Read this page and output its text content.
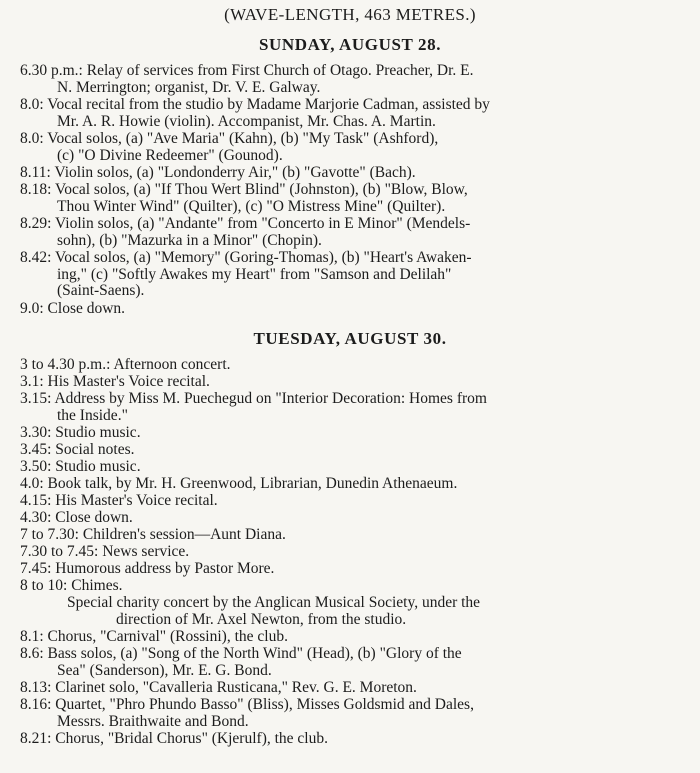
(WAVE-LENGTH, 463 METRES.)
SUNDAY, AUGUST 28.
6.30 p.m.: Relay of services from First Church of Otago. Preacher, Dr. E.
N. Merrington; organist, Dr. V. E. Galway.
8.0: Vocal recital from the studio by Madame Marjorie Cadman, assisted by
Mr. A. R. Howie (violin). Accompanist, Mr. Chas. A. Martin.
8.0: Vocal solos, (a) "Ave Maria" (Kahn), (b) "My Task" (Ashford),
(c) "O Divine Redeemer" (Gounod).
8.11: Violin solos, (a) "Londonderry Air," (b) "Gavotte" (Bach).
8.18: Vocal solos, (a) "If Thou Wert Blind" (Johnston), (b) "Blow, Blow,
Thou Winter Wind" (Quilter), (c) "O Mistress Mine" (Quilter).
8.29: Violin solos, (a) "Andante" from "Concerto in E Minor" (Mendels-
sohn), (b) "Mazurka in a Minor" (Chopin).
8.42: Vocal solos, (a) "Memory" (Goring-Thomas), (b) "Heart's Awaken-
ing," (c) "Softly Awakes my Heart" from "Samson and Delilah"
(Saint-Saens).
9.0: Close down.
TUESDAY, AUGUST 30.
3 to 4.30 p.m.: Afternoon concert.
3.1: His Master's Voice recital.
3.15: Address by Miss M. Puechegud on "Interior Decoration: Homes from
the Inside."
3.30: Studio music.
3.45: Social notes.
3.50: Studio music.
4.0: Book talk, by Mr. H. Greenwood, Librarian, Dunedin Athenaeum.
4.15: His Master's Voice recital.
4.30: Close down.
7 to 7.30: Children's session—Aunt Diana.
7.30 to 7.45: News service.
7.45: Humorous address by Pastor More.
8 to 10: Chimes.
Special charity concert by the Anglican Musical Society, under the
direction of Mr. Axel Newton, from the studio.
8.1: Chorus, "Carnival" (Rossini), the club.
8.6: Bass solos, (a) "Song of the North Wind" (Head), (b) "Glory of the
Sea" (Sanderson), Mr. E. G. Bond.
8.13: Clarinet solo, "Cavalleria Rusticana," Rev. G. E. Moreton.
8.16: Quartet, "Phro Phundo Basso" (Bliss), Misses Goldsmid and Dales,
Messrs. Braithwaite and Bond.
8.21: Chorus, "Bridal Chorus" (Kjerulf), the club.
